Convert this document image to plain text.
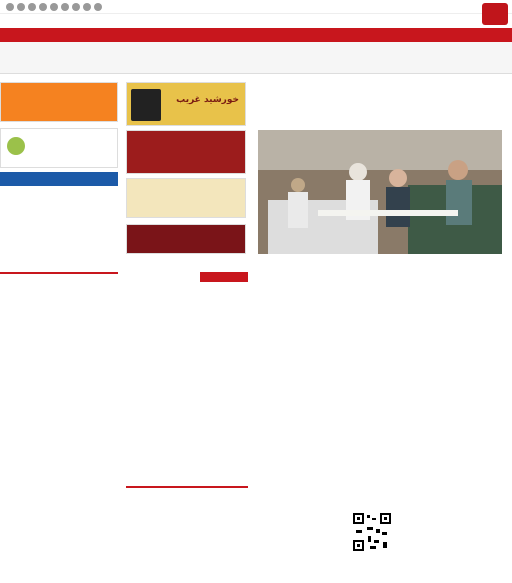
خورشید غریب
